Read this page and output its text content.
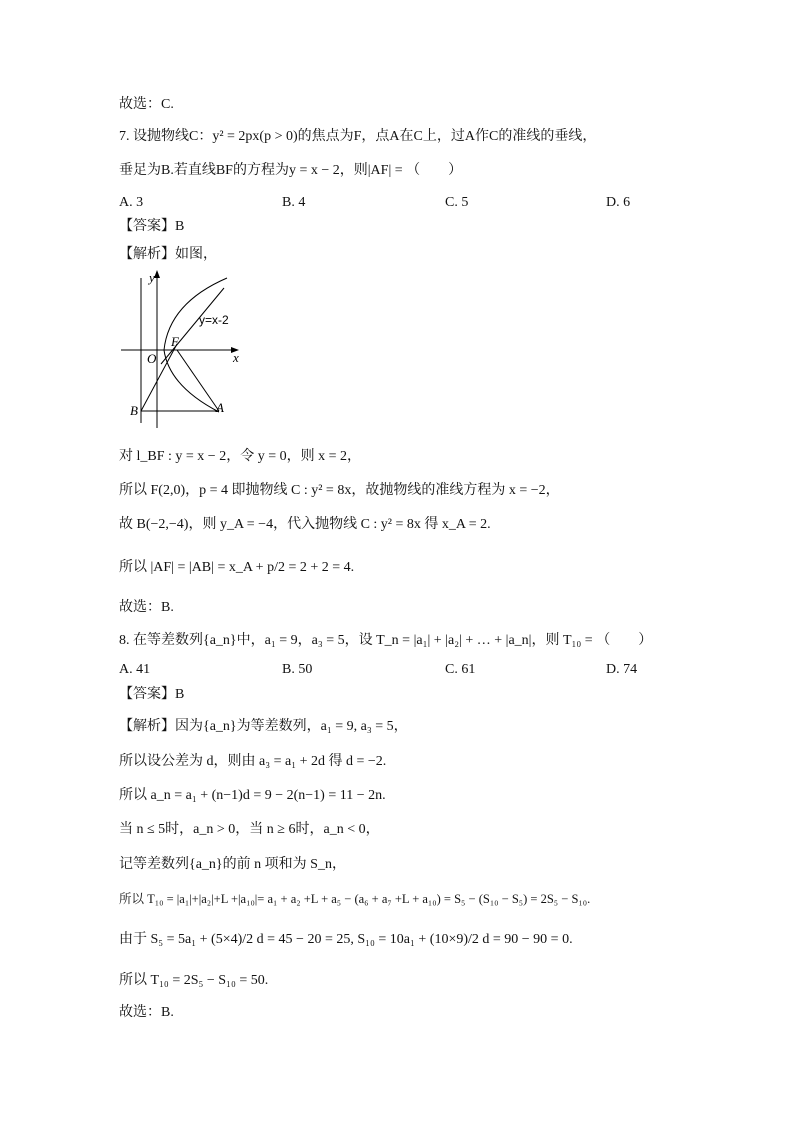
故选：C.
7. 设抛物线C：y² = 2px(p > 0)的焦点为F，点A在C上，过A作C的准线的垂线，
垂足为B.若直线BF的方程为y = x − 2，则|AF| = （　　）
A. 3	B. 4	C. 5	D. 6
【答案】B
【解析】如图，
y
x
O
F
B	A
y=x-2
对 l_BF : y = x − 2，令 y = 0，则 x = 2，
所以 F(2,0)，p = 4 即抛物线 C : y² = 8x，故抛物线的准线方程为 x = −2，
故 B(−2,−4)，则 y_A = −4，代入抛物线 C : y² = 8x 得 x_A = 2.
所以 |AF| = |AB| = x_A + p/2 = 2 + 2 = 4.
故选：B.
8. 在等差数列{a_n}中，a₁ = 9，a₃ = 5，设 T_n = |a₁| + |a₂| + … + |a_n|，则 T₁₀ = （　　）
A. 41	B. 50	C. 61	D. 74
【答案】B
【解析】因为{a_n}为等差数列，a₁ = 9, a₃ = 5，
所以设公差为 d，则由 a₃ = a₁ + 2d 得 d = −2.
所以 a_n = a₁ + (n−1)d = 9 − 2(n−1) = 11 − 2n.
当 n ≤ 5时，a_n > 0，当 n ≥ 6时，a_n < 0，
记等差数列{a_n}的前 n 项和为 S_n，
所以 T₁₀ = |a₁|+|a₂|+L +|a₁₀|= a₁ + a₂ +L + a₅ − (a₆ + a₇ +L + a₁₀) = S₅ − (S₁₀ − S₅) = 2S₅ − S₁₀.
由于 S₅ = 5a₁ + (5×4)/2 d = 45 − 20 = 25, S₁₀ = 10a₁ + (10×9)/2 d = 90 − 90 = 0.
所以 T₁₀ = 2S₅ − S₁₀ = 50.
故选：B.
